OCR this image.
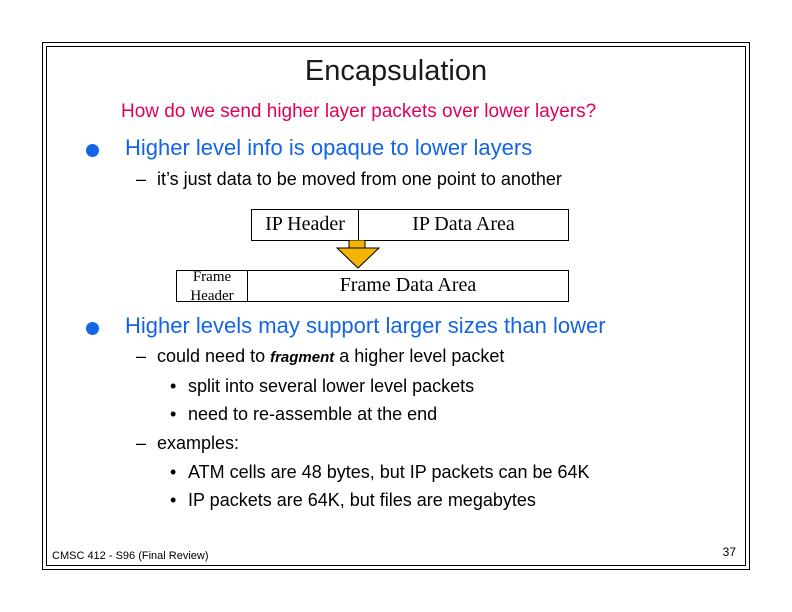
Encapsulation
How do we send higher layer packets over lower layers?
Higher level info is opaque to lower layers
– it’s just data to be moved from one point to another
IP Header	IP Data Area
Frame
Header	Frame Data Area
Higher levels may support larger sizes than lower
– could need to fragment a higher level packet
• split into several lower level packets
• need to re-assemble at the end
– examples:
• ATM cells are 48 bytes, but IP packets can be 64K
• IP packets are 64K, but files are megabytes
CMSC 412 - S96 (Final Review)	37
